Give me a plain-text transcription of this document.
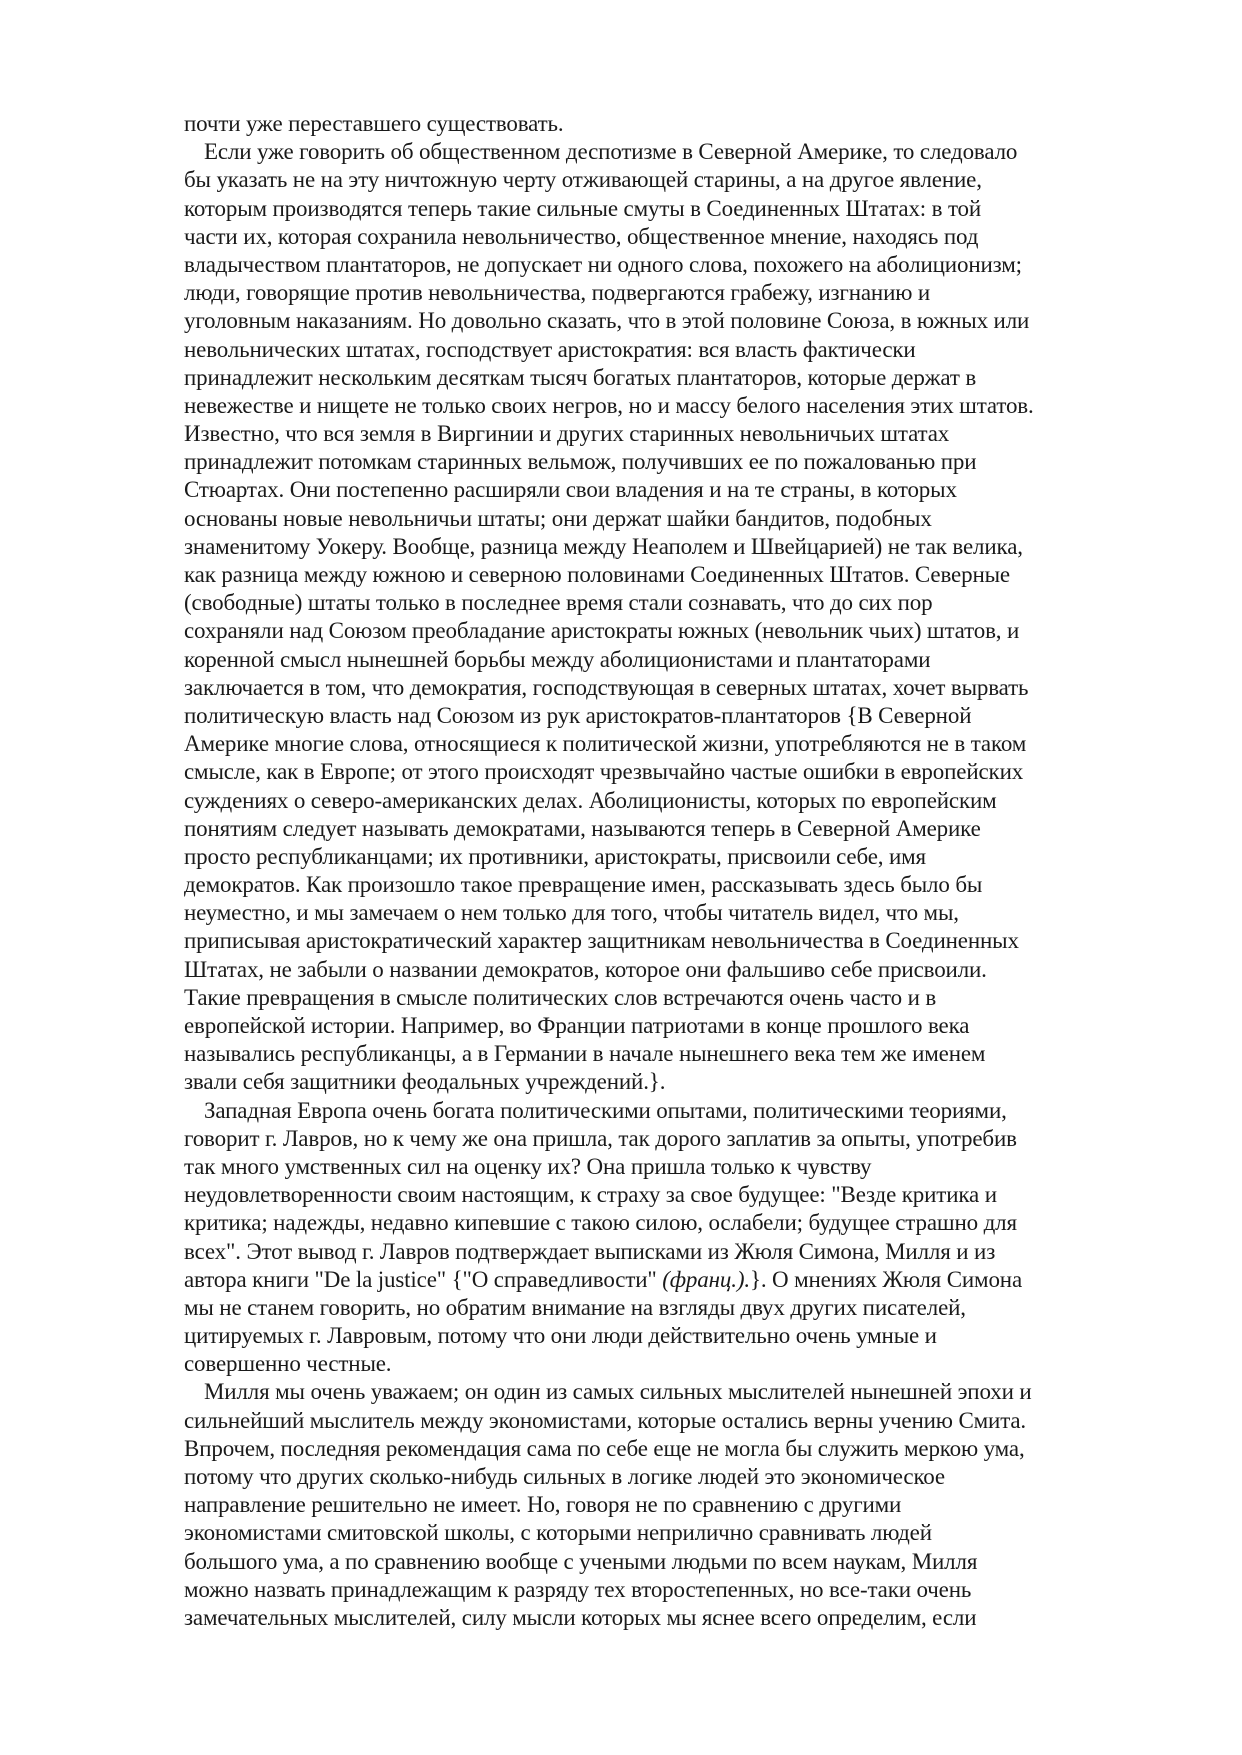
почти уже переставшего существовать.
Если уже говорить об общественном деспотизме в Северной Америке, то следовало
бы указать не на эту ничтожную черту отживающей старины, а на другое явление,
которым производятся теперь такие сильные смуты в Соединенных Штатах: в той
части их, которая сохранила невольничество, общественное мнение, находясь под
владычеством плантаторов, не допускает ни одного слова, похожего на аболиционизм;
люди, говорящие против невольничества, подвергаются грабежу, изгнанию и
уголовным наказаниям. Но довольно сказать, что в этой половине Союза, в южных или
невольнических штатах, господствует аристократия: вся власть фактически
принадлежит нескольким десяткам тысяч богатых плантаторов, которые держат в
невежестве и нищете не только своих негров, но и массу белого населения этих штатов.
Известно, что вся земля в Виргинии и других старинных невольничьих штатах
принадлежит потомкам старинных вельмож, получивших ее по пожалованью при
Стюартах. Они постепенно расширяли свои владения и на те страны, в которых
основаны новые невольничьи штаты; они держат шайки бандитов, подобных
знаменитому Уокеру. Вообще, разница между Неаполем и Швейцарией) не так велика,
как разница между южною и северною половинами Соединенных Штатов. Северные
(свободные) штаты только в последнее время стали сознавать, что до сих пор
сохраняли над Союзом преобладание аристократы южных (невольник чьих) штатов, и
коренной смысл нынешней борьбы между аболиционистами и плантаторами
заключается в том, что демократия, господствующая в северных штатах, хочет вырвать
политическую власть над Союзом из рук аристократов-плантаторов {В Северной
Америке многие слова, относящиеся к политической жизни, употребляются не в таком
смысле, как в Европе; от этого происходят чрезвычайно частые ошибки в европейских
суждениях о северо-американских делах. Аболиционисты, которых по европейским
понятиям следует называть демократами, называются теперь в Северной Америке
просто республиканцами; их противники, аристократы, присвоили себе, имя
демократов. Как произошло такое превращение имен, рассказывать здесь было бы
неуместно, и мы замечаем о нем только для того, чтобы читатель видел, что мы,
приписывая аристократический характер защитникам невольничества в Соединенных
Штатах, не забыли о названии демократов, которое они фальшиво себе присвоили.
Такие превращения в смысле политических слов встречаются очень часто и в
европейской истории. Например, во Франции патриотами в конце прошлого века
назывались республиканцы, а в Германии в начале нынешнего века тем же именем
звали себя защитники феодальных учреждений.}.
Западная Европа очень богата политическими опытами, политическими теориями,
говорит г. Лавров, но к чему же она пришла, так дорого заплатив за опыты, употребив
так много умственных сил на оценку их? Она пришла только к чувству
неудовлетворенности своим настоящим, к страху за свое будущее: "Везде критика и
критика; надежды, недавно кипевшие с такою силою, ослабели; будущее страшно для
всех". Этот вывод г. Лавров подтверждает выписками из Жюля Симона, Милля и из
автора книги "De la justice" {"О справедливости" (франц.).}. О мнениях Жюля Симона
мы не станем говорить, но обратим внимание на взгляды двух других писателей,
цитируемых г. Лавровым, потому что они люди действительно очень умные и
совершенно честные.
Милля мы очень уважаем; он один из самых сильных мыслителей нынешней эпохи и
сильнейший мыслитель между экономистами, которые остались верны учению Смита.
Впрочем, последняя рекомендация сама по себе еще не могла бы служить меркою ума,
потому что других сколько-нибудь сильных в логике людей это экономическое
направление решительно не имеет. Но, говоря не по сравнению с другими
экономистами смитовской школы, с которыми неприлично сравнивать людей
большого ума, а по сравнению вообще с учеными людьми по всем наукам, Милля
можно назвать принадлежащим к разряду тех второстепенных, но все-таки очень
замечательных мыслителей, силу мысли которых мы яснее всего определим, если
